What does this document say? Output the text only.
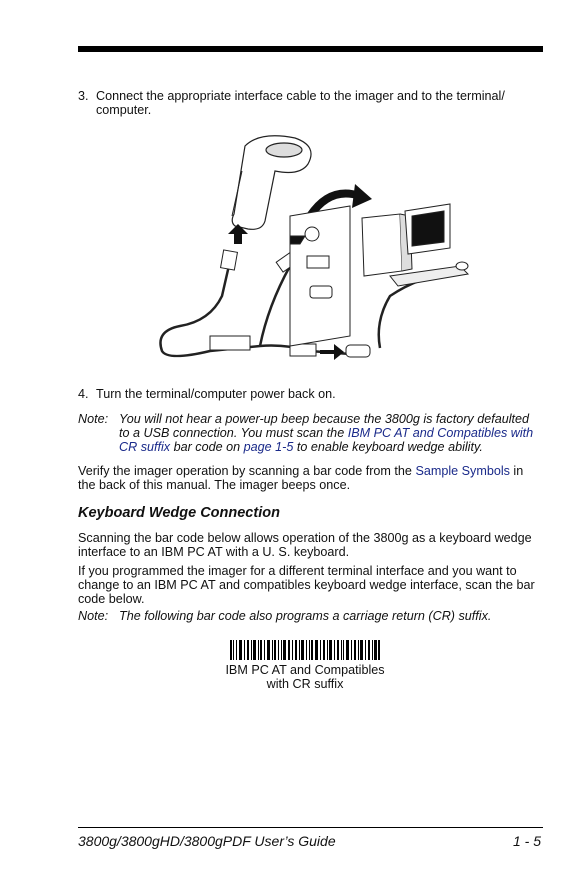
3. Connect the appropriate interface cable to the imager and to the terminal/
computer.
4. Turn the terminal/computer power back on.
Note: You will not hear a power-up beep because the 3800g is factory defaulted to a USB connection. You must scan the IBM PC AT and Compatibles with CR suffix bar code on page 1-5 to enable keyboard wedge ability.
Verify the imager operation by scanning a bar code from the Sample Symbols in the back of this manual. The imager beeps once.
Keyboard Wedge Connection
Scanning the bar code below allows operation of the 3800g as a keyboard wedge interface to an IBM PC AT with a U. S. keyboard.
If you programmed the imager for a different terminal interface and you want to change to an IBM PC AT and compatibles keyboard wedge interface, scan the bar code below.
Note: The following bar code also programs a carriage return (CR) suffix.
IBM PC AT and Compatibles
with CR suffix
3800g/3800gHD/3800gPDF User’s Guide	1 - 5
